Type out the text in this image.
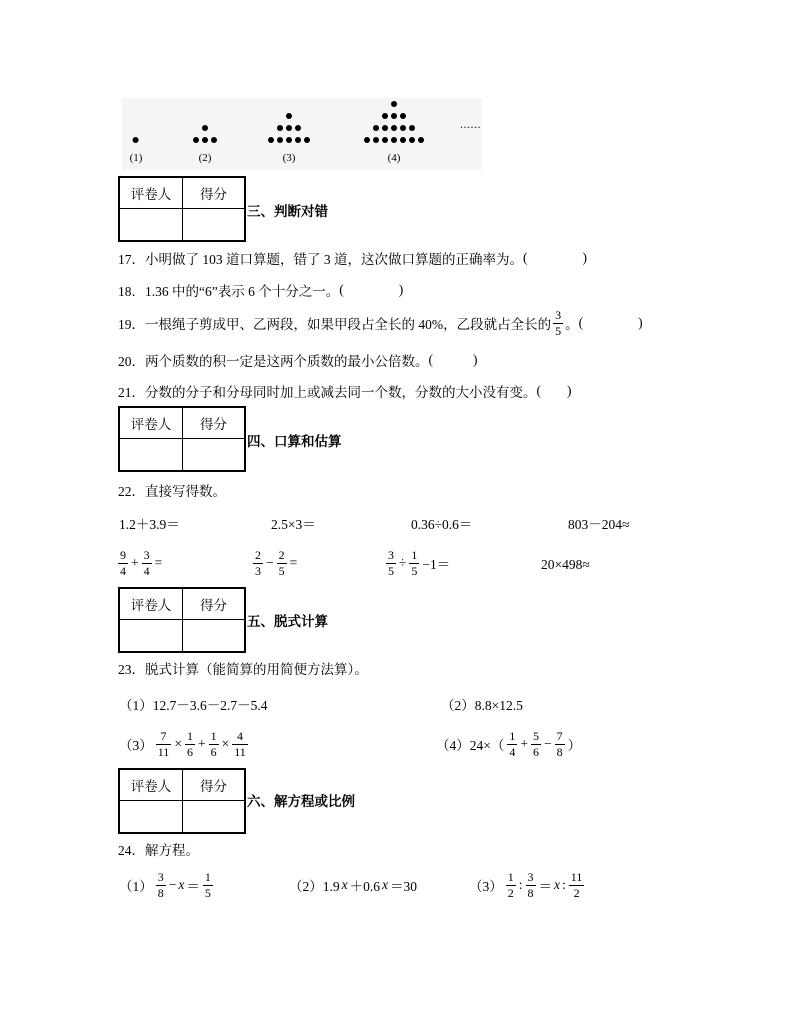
(1)	(2)	(3)	(4)
......
评卷人	得分

三、判断对错
17． 小明做了 103 道口算题，错了 3 道，这次做口算题的正确率为。 (	)
18． 1.36 中的“6”表示 6 个十分之一。 (	)
19． 一根绳子剪成甲、乙两段，如果甲段占全长的 40%，乙段就占全长的 $\frac{3}{5}$ 。 (	)
20． 两个质数的积一定是这两个质数的最小公倍数。 (	)
21． 分数的分子和分母同时加上或减去同一个数，分数的大小没有变。 ( )
评卷人	得分

四、口算和估算
22． 直接写得数。
1.2＋3.9＝	2.5×3＝	0.36÷0.6＝	803－204≈
$\frac{9}{4} + \frac{3}{4}$ =	$\frac{2}{3} - \frac{2}{5}$ =	$\frac{3}{5} \div \frac{1}{5} -1=$	20×498≈
评卷人	得分

五、脱式计算
23． 脱式计算（能简算的用简便方法算）。
（1）12.7－3.6－2.7－5.4	（2）8.8×12.5
$(3) \frac{7}{11} \times \frac{1}{6} + \frac{1}{6} \times \frac{4}{11}$	$(4)24\times( \frac{1}{4} + \frac{5}{6} - \frac{7}{8}$ ）
评卷人	得分

六、解方程或比例
24． 解方程。
$(1) \frac{3}{8} - x = \frac{1}{5}$	（2）1.9 x ＋0.6 x ＝30	$(3) \frac{1}{2}$ : $\frac{3}{8} = x$ : $\frac{11}{2}$
